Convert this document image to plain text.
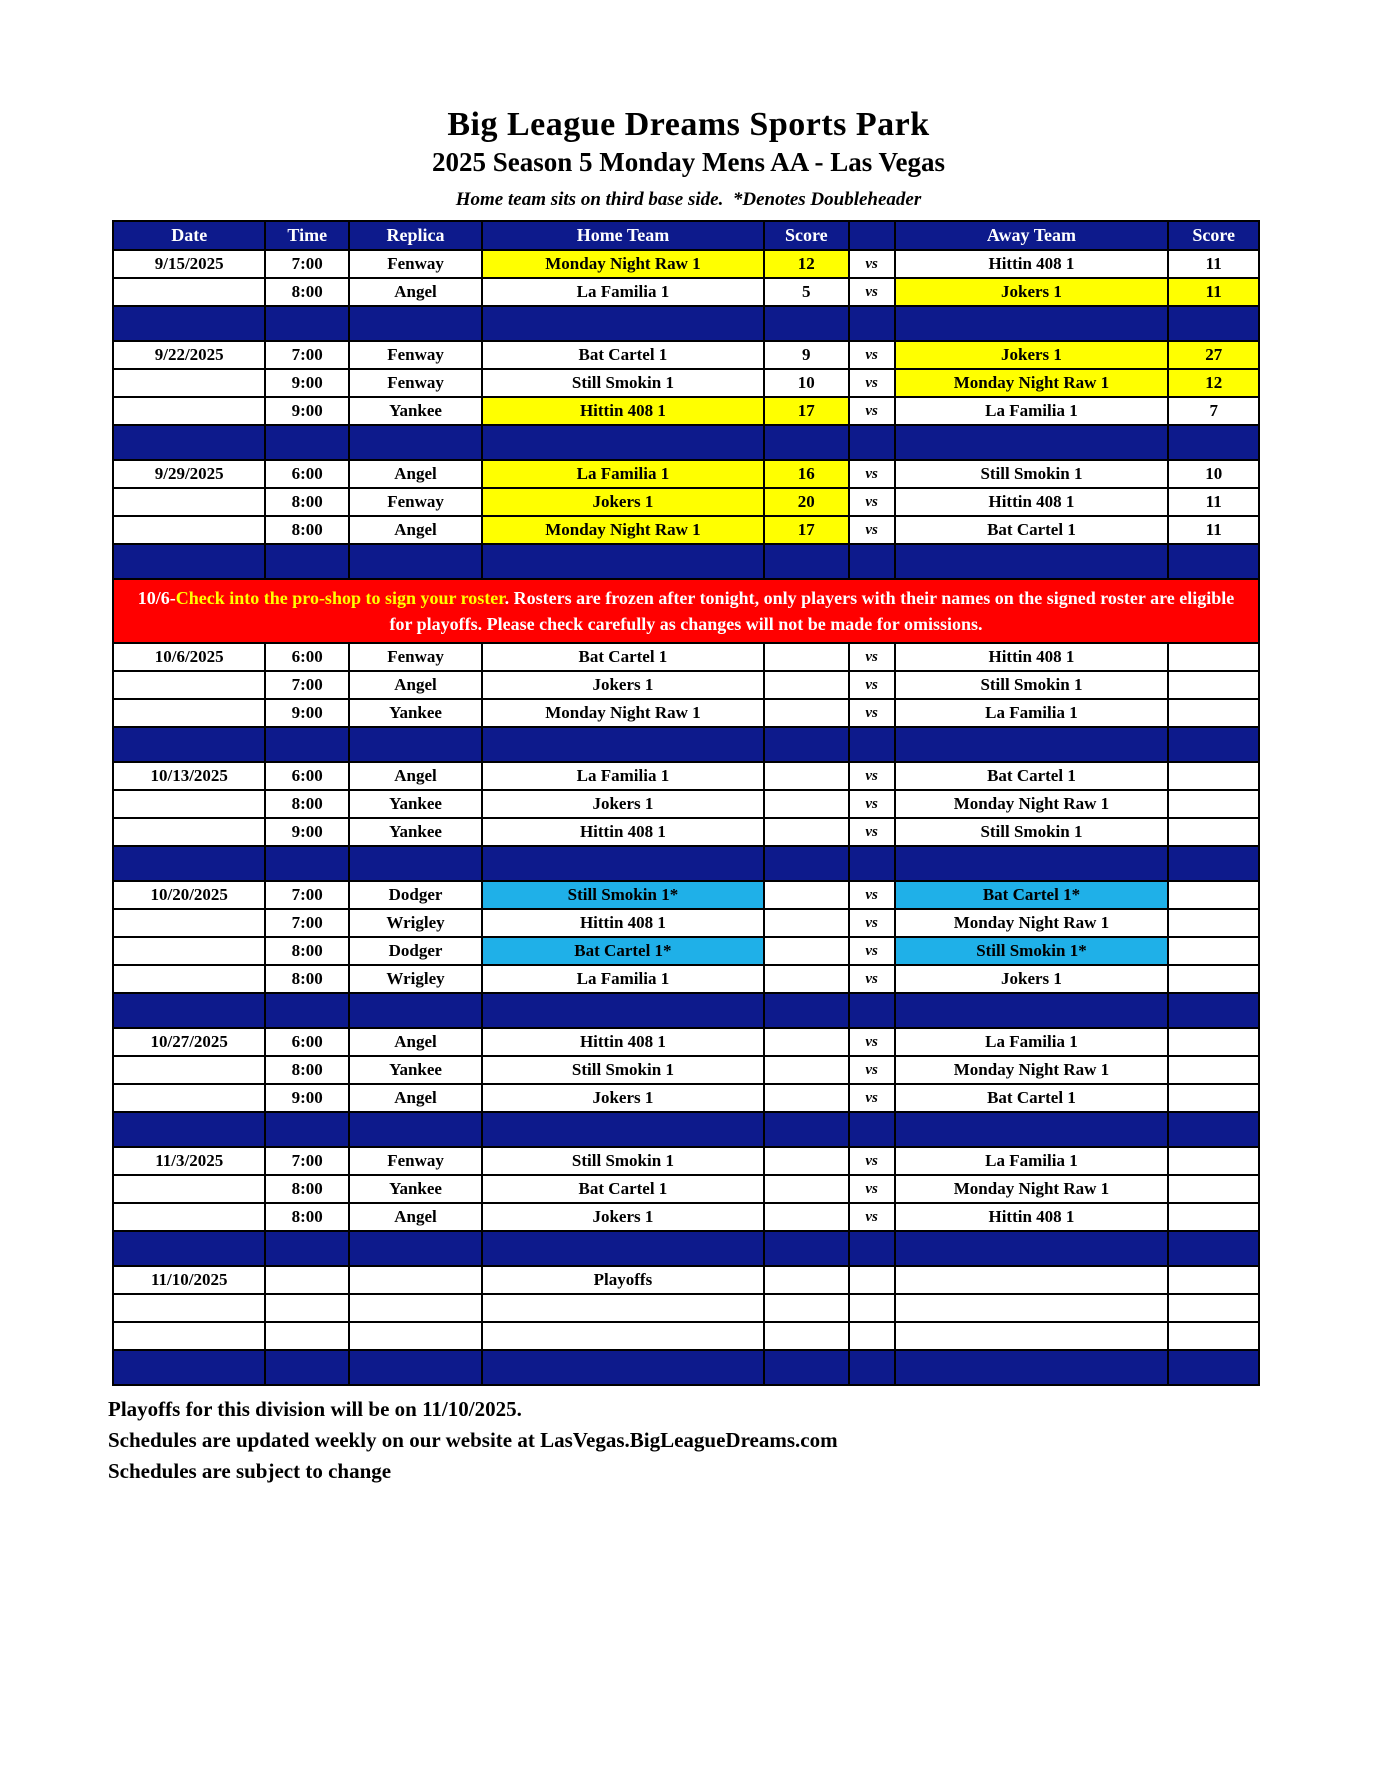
Big League Dreams Sports Park
2025 Season 5 Monday Mens AA - Las Vegas
Home team sits on third base side.  *Denotes Doubleheader
Date	Time	Replica	Home Team	Score		Away Team	Score
9/15/2025	7:00	Fenway	Monday Night Raw 1	12	vs	Hittin 408 1	11
	8:00	Angel	La Familia 1	5	vs	Jokers 1	11

9/22/2025	7:00	Fenway	Bat Cartel 1	9	vs	Jokers 1	27
	9:00	Fenway	Still Smokin 1	10	vs	Monday Night Raw 1	12
	9:00	Yankee	Hittin 408 1	17	vs	La Familia 1	7

9/29/2025	6:00	Angel	La Familia 1	16	vs	Still Smokin 1	10
	8:00	Fenway	Jokers 1	20	vs	Hittin 408 1	11
	8:00	Angel	Monday Night Raw 1	17	vs	Bat Cartel 1	11

10/6-Check into the pro-shop to sign your roster. Rosters are frozen after tonight, only players with their names on the signed roster are eligible for playoffs. Please check carefully as changes will not be made for omissions.							
10/6/2025	6:00	Fenway	Bat Cartel 1		vs	Hittin 408 1	
	7:00	Angel	Jokers 1		vs	Still Smokin 1	
	9:00	Yankee	Monday Night Raw 1		vs	La Familia 1	

10/13/2025	6:00	Angel	La Familia 1		vs	Bat Cartel 1	
	8:00	Yankee	Jokers 1		vs	Monday Night Raw 1	
	9:00	Yankee	Hittin 408 1		vs	Still Smokin 1	

10/20/2025	7:00	Dodger	Still Smokin 1*		vs	Bat Cartel 1*	
	7:00	Wrigley	Hittin 408 1		vs	Monday Night Raw 1	
	8:00	Dodger	Bat Cartel 1*		vs	Still Smokin 1*	
	8:00	Wrigley	La Familia 1		vs	Jokers 1	

10/27/2025	6:00	Angel	Hittin 408 1		vs	La Familia 1	
	8:00	Yankee	Still Smokin 1		vs	Monday Night Raw 1	
	9:00	Angel	Jokers 1		vs	Bat Cartel 1	

11/3/2025	7:00	Fenway	Still Smokin 1		vs	La Familia 1	
	8:00	Yankee	Bat Cartel 1		vs	Monday Night Raw 1	
	8:00	Angel	Jokers 1		vs	Hittin 408 1	

11/10/2025			Playoffs				

Playoffs for this division will be on 11/10/2025.
Schedules are updated weekly on our website at LasVegas.BigLeagueDreams.com
Schedules are subject to change
